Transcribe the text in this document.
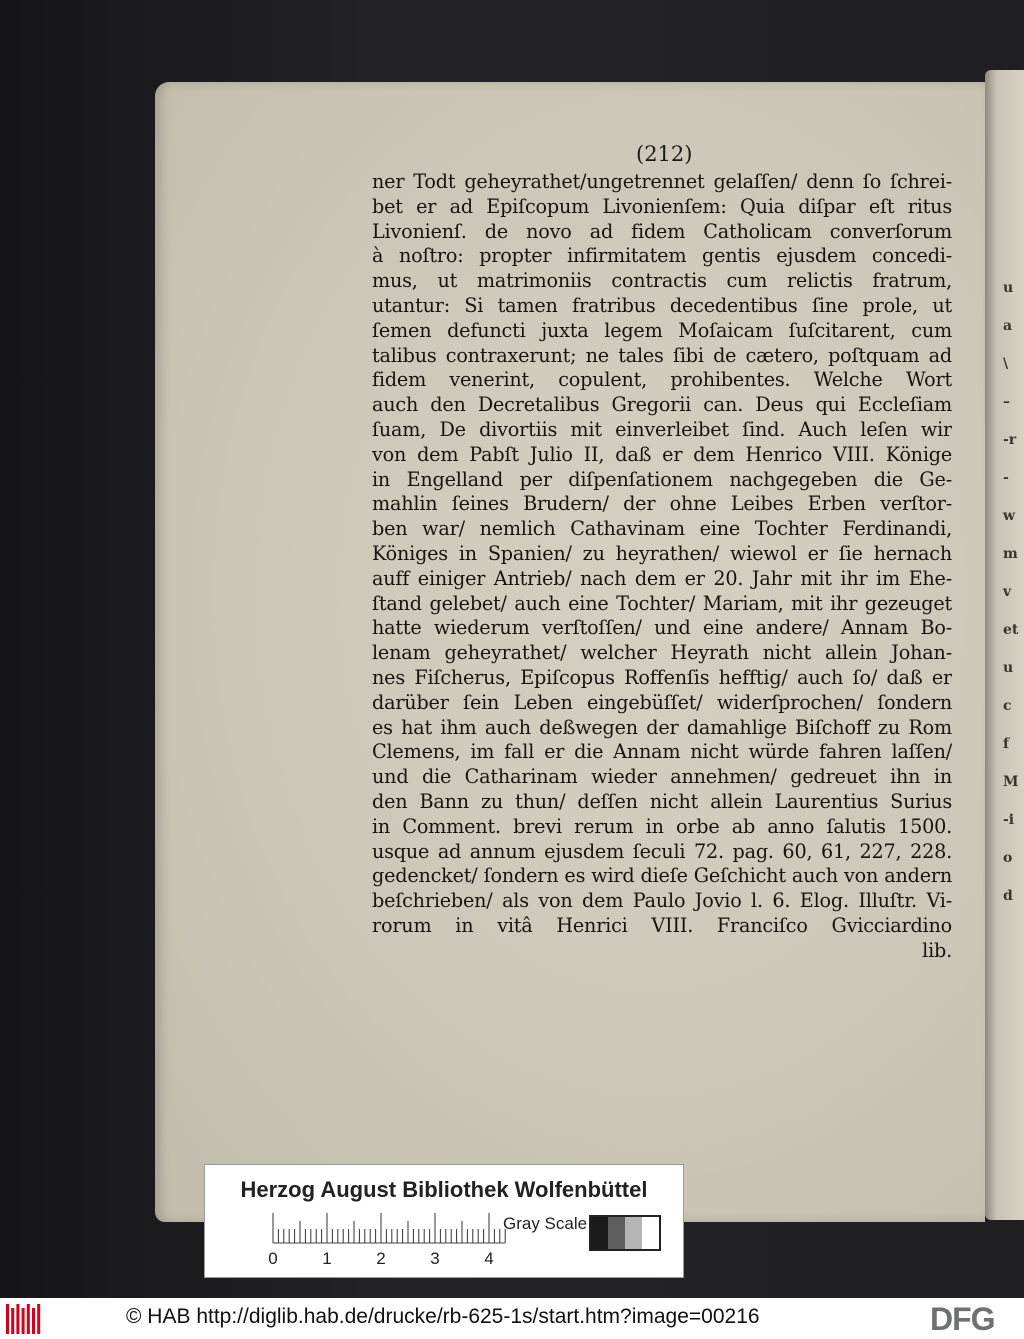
u
a
\
–
-r
-
w
m
v
et
u
c
f
M
-i
o
d
(212)
ner Todt geheyrathet/ungetrennet gelaſſen/ denn ſo ſchrei-
bet er ad Epiſcopum Livonienſem: Quia diſpar eſt ritus
Livonienſ. de novo ad fidem Catholicam converſorum
à noſtro: propter infirmitatem gentis ejusdem concedi-
mus, ut matrimoniis contractis cum relictis fratrum,
utantur: Si tamen fratribus decedentibus ſine prole, ut
ſemen defuncti juxta legem Moſaicam ſuſcitarent, cum
talibus contraxerunt; ne tales ſibi de cætero, poſtquam ad
fidem venerint, copulent, prohibentes. Welche Wort
auch den Decretalibus Gregorii can. Deus qui Eccleſiam
ſuam, De divortiis mit einverleibet ſind. Auch leſen wir
von dem Pabſt Julio II, daß er dem Henrico VIII. Könige
in Engelland per diſpenſationem nachgegeben die Ge-
mahlin ſeines Brudern/ der ohne Leibes Erben verſtor-
ben war/ nemlich Cathavinam eine Tochter Ferdinandi,
Königes in Spanien/ zu heyrathen/ wiewol er ſie hernach
auff einiger Antrieb/ nach dem er 20. Jahr mit ihr im Ehe-
ſtand gelebet/ auch eine Tochter/ Mariam, mit ihr gezeuget
hatte wiederum verſtoſſen/ und eine andere/ Annam Bo-
lenam geheyrathet/ welcher Heyrath nicht allein Johan-
nes Fiſcherus, Epiſcopus Roffenſis hefftig/ auch ſo/ daß er
darüber ſein Leben eingebüſſet/ widerſprochen/ ſondern
es hat ihm auch deßwegen der damahlige Biſchoff zu Rom
Clemens, im fall er die Annam nicht würde fahren laſſen/
und die Catharinam wieder annehmen/ gedreuet ihn in
den Bann zu thun/ deſſen nicht allein Laurentius Surius
in Comment. brevi rerum in orbe ab anno ſalutis 1500.
usque ad annum ejusdem ſeculi 72. pag. 60, 61, 227, 228.
gedencket/ ſondern es wird dieſe Geſchicht auch von andern
beſchrieben/ als von dem Paulo Jovio l. 6. Elog. Illuſtr. Vi-
rorum in vitâ Henrici VIII. Franciſco Gvicciardino
lib.
Herzog August Bibliothek Wolfenbüttel
0	1	2	3	4
Gray Scale
© HAB http://diglib.hab.de/drucke/rb-625-1s/start.htm?image=00216	DFG
